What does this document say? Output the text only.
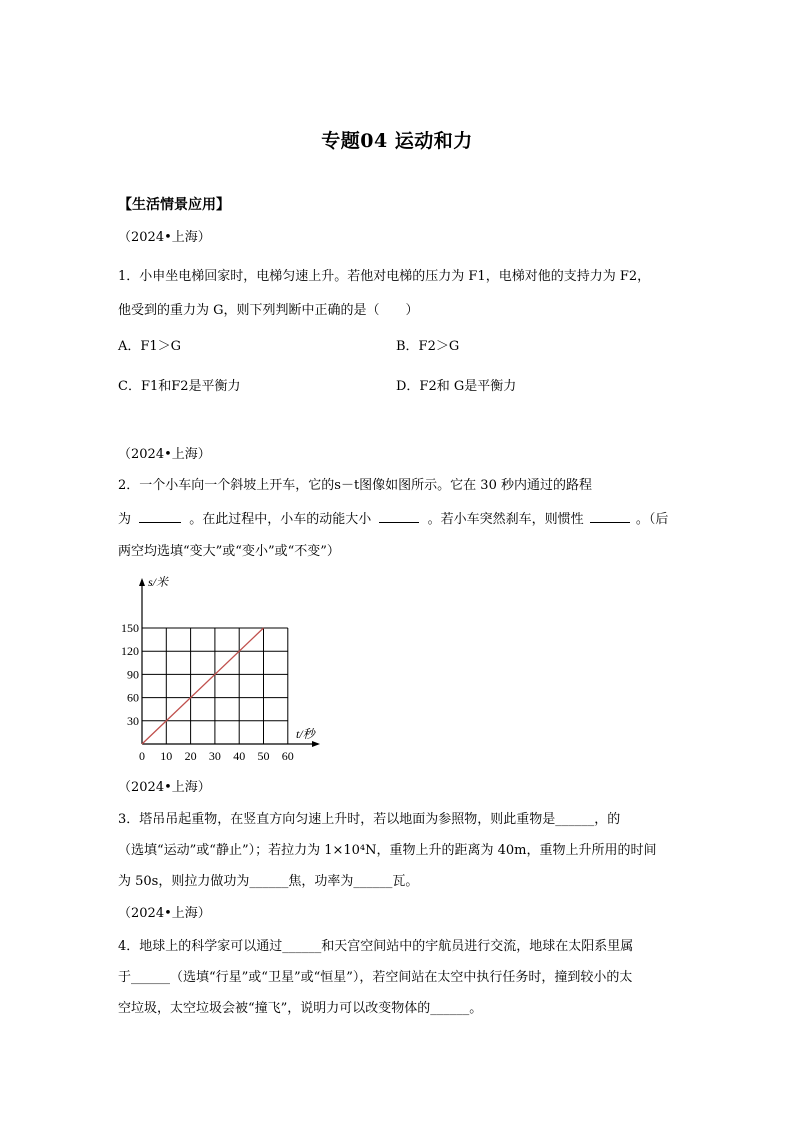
专题04 运动和力
【生活情景应用】
（2024•上海）
1．小申坐电梯回家时，电梯匀速上升。若他对电梯的压力为 F1，电梯对他的支持力为 F2，
他受到的重力为 G，则下列判断中正确的是（　　）
A．F1＞G	B．F2＞G
C．F1和F2是平衡力	D．F2和 G是平衡力
（2024•上海）
2．一个小车向一个斜坡上开车，它的s－t图像如图所示。它在 30 秒内通过的路程
为	。在此过程中，小车的动能大小	。若小车突然刹车，则惯性	。（后
两空均选填“变大”或“变小”或“不变”）
0 10 20 30 40 50 60
30
60
90
120
150
s/米
t/秒
（2024•上海）
3．塔吊吊起重物，在竖直方向匀速上升时，若以地面为参照物，则此重物是______，的
（选填“运动”或“静止”）；若拉力为 1×10⁴N，重物上升的距离为 40m，重物上升所用的时间
为 50s，则拉力做功为______焦，功率为______瓦。
（2024•上海）
4．地球上的科学家可以通过______和天宫空间站中的宇航员进行交流，地球在太阳系里属
于______（选填“行星”或“卫星”或“恒星”），若空间站在太空中执行任务时，撞到较小的太
空垃圾，太空垃圾会被“撞飞”，说明力可以改变物体的______。
